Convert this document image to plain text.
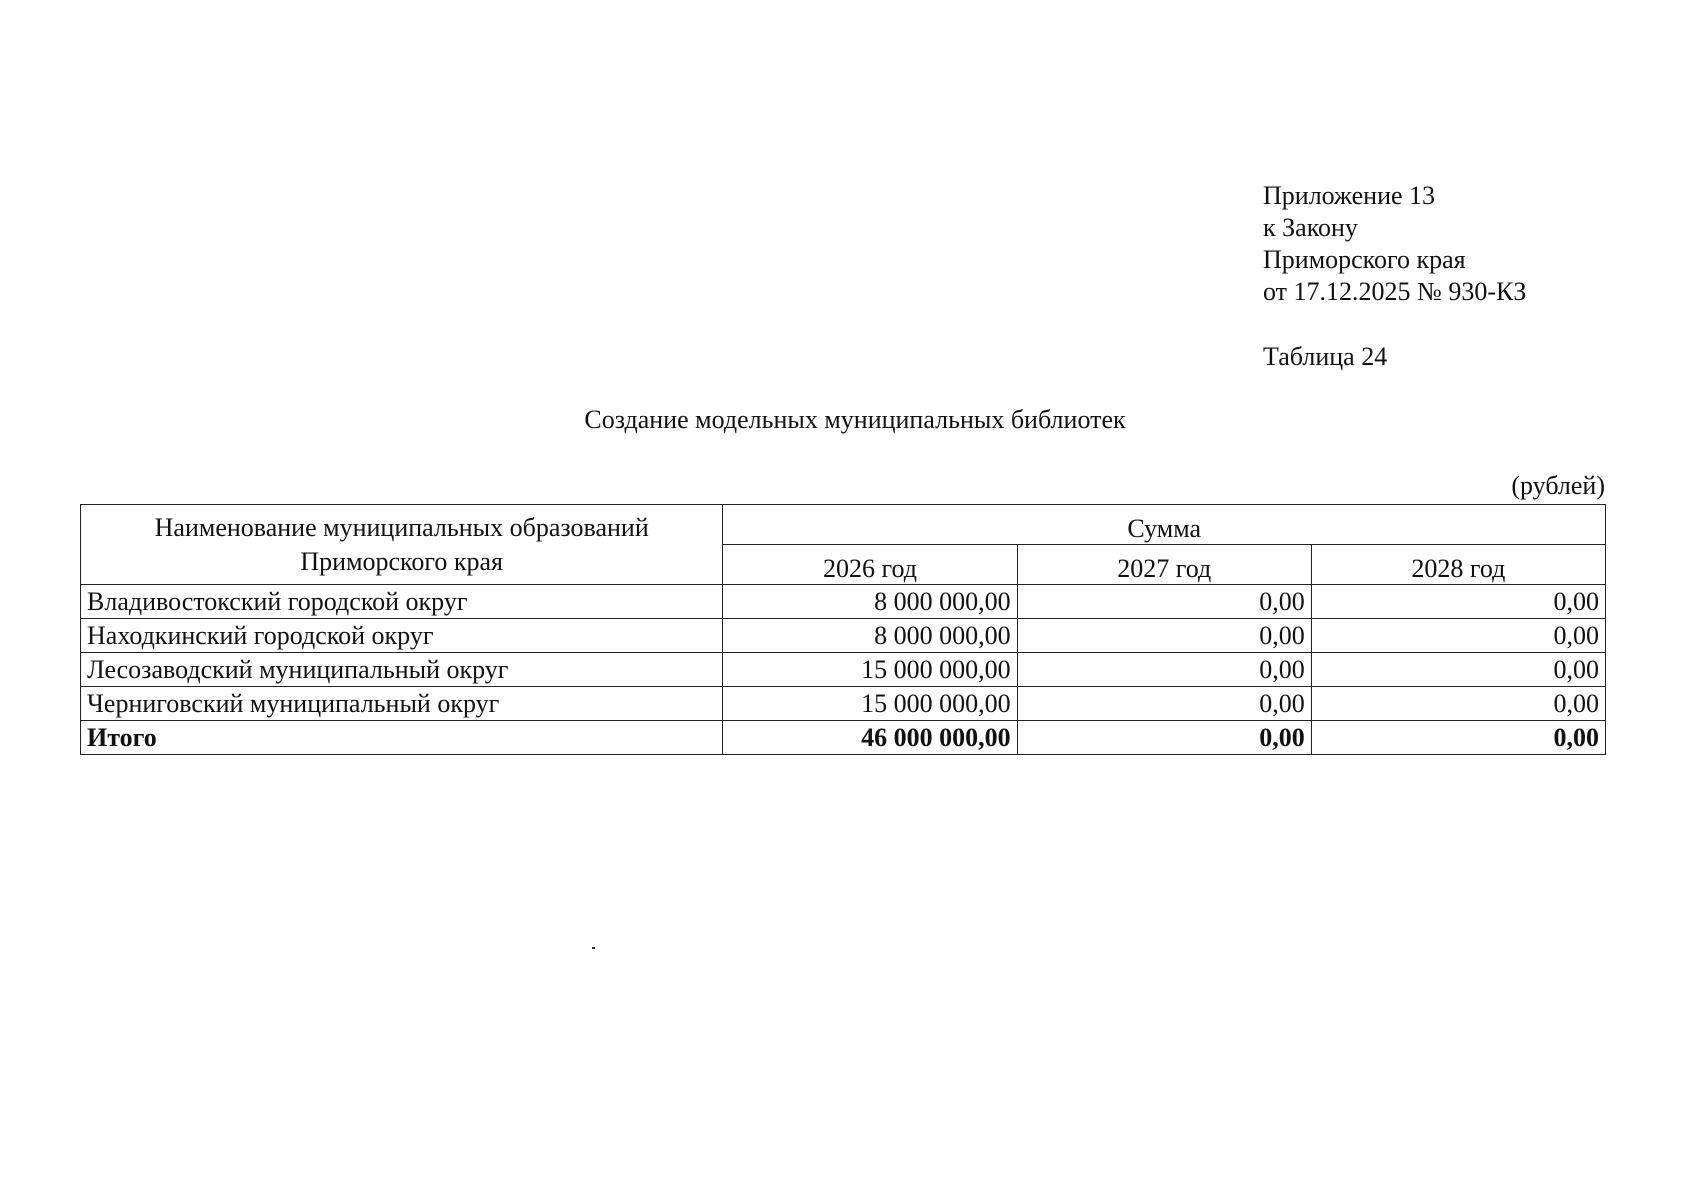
Приложение 13
к Закону
Приморского края
от 17.12.2025 № 930-КЗ
Таблица 24
Создание модельных муниципальных библиотек
(рублей)
Наименование муниципальных образований
Приморского края	Сумма		
	2026 год	2027 год	2028 год
Владивостокский городской округ	8 000 000,00	0,00	0,00
Находкинский городской округ	8 000 000,00	0,00	0,00
Лесозаводский муниципальный округ	15 000 000,00	0,00	0,00
Черниговский муниципальный округ	15 000 000,00	0,00	0,00
Итого	46 000 000,00	0,00	0,00
